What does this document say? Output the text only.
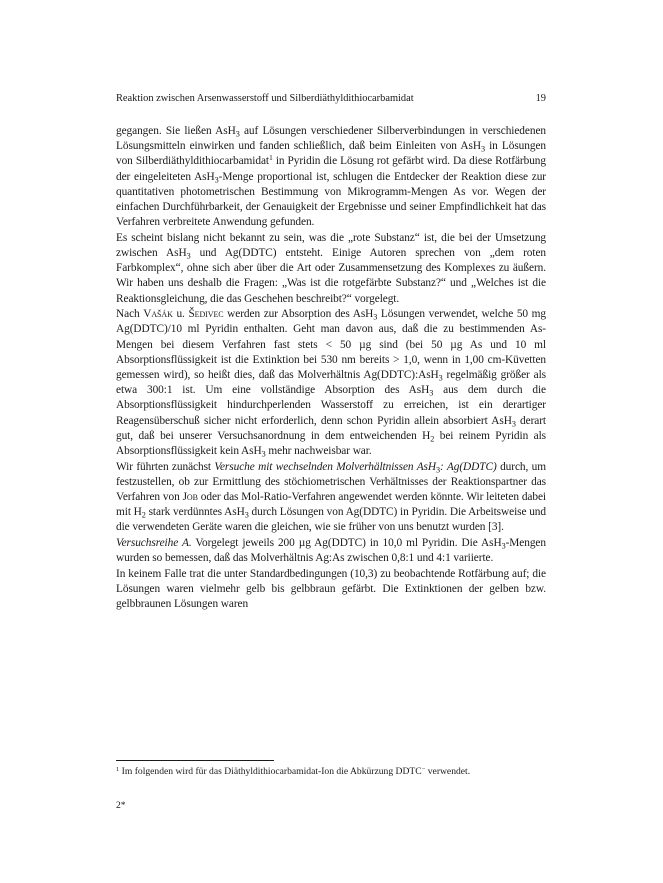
Reaktion zwischen Arsenwasserstoff und Silberdiäthyldithiocarbamidat	19

gegangen. Sie ließen AsH$_3$ auf Lösungen verschiedener Silberverbindungen in verschiedenen Lösungsmitteln einwirken und fanden schließlich, daß beim Einleiten von AsH$_3$ in Lösungen von Silberdiäthyldithiocarbamidat$^1$ in Pyridin die Lösung rot gefärbt wird. Da diese Rotfärbung der eingeleiteten AsH$_3$-Menge proportional ist, schlugen die Entdecker der Reaktion diese zur quantitativen photometrischen Bestimmung von Mikrogramm-Mengen As vor. Wegen der einfachen Durchführbarkeit, der Genauigkeit der Ergebnisse und seiner Empfindlichkeit hat das Verfahren verbreitete Anwendung gefunden.

Es scheint bislang nicht bekannt zu sein, was die „rote Substanz“ ist, die bei der Umsetzung zwischen AsH$_3$ und Ag(DDTC) entsteht. Einige Autoren sprechen von „dem roten Farbkomplex“, ohne sich aber über die Art oder Zusammensetzung des Komplexes zu äußern. Wir haben uns deshalb die Fragen: „Was ist die rotgefärbte Substanz?“ und „Welches ist die Reaktionsgleichung, die das Geschehen beschreibt?“ vorgelegt.

Nach Vašák u. Šedivec werden zur Absorption des AsH$_3$ Lösungen verwendet, welche 50 mg Ag(DDTC)/10 ml Pyridin enthalten. Geht man davon aus, daß die zu bestimmenden As-Mengen bei diesem Verfahren fast stets < 50 µg sind (bei 50 µg As und 10 ml Absorptionsflüssigkeit ist die Extinktion bei 530 nm bereits > 1,0, wenn in 1,00 cm-Küvetten gemessen wird), so heißt dies, daß das Molverhältnis Ag(DDTC):AsH$_3$ regelmäßig größer als etwa 300:1 ist. Um eine vollständige Absorption des AsH$_3$ aus dem durch die Absorptionsflüssigkeit hindurchperlenden Wasserstoff zu erreichen, ist ein derartiger Reagensüberschuß sicher nicht erforderlich, denn schon Pyridin allein absorbiert AsH$_3$ derart gut, daß bei unserer Versuchsanordnung in dem entweichenden $H_2$ bei reinem Pyridin als Absorptionsflüssigkeit kein AsH$_3$ mehr nachweisbar war.

Wir führten zunächst Versuche mit wechselnden Molverhältnissen AsH$_3$: Ag(DDTC) durch, um festzustellen, ob zur Ermittlung des stöchiometrischen Verhältnisses der Reaktionspartner das Verfahren von Job oder das Mol-Ratio-Verfahren angewendet werden könnte. Wir leiteten dabei mit $H_2$ stark verdünntes AsH$_3$ durch Lösungen von Ag(DDTC) in Pyridin. Die Arbeitsweise und die verwendeten Geräte waren die gleichen, wie sie früher von uns benutzt wurden [3].

Versuchsreihe A. Vorgelegt jeweils 200 µg Ag(DDTC) in 10,0 ml Pyridin. Die AsH$_3$-Mengen wurden so bemessen, daß das Molverhältnis Ag:As zwischen 0,8:1 und 4:1 variierte.

In keinem Falle trat die unter Standardbedingungen (10,3) zu beobachtende Rotfärbung auf; die Lösungen waren vielmehr gelb bis gelbbraun gefärbt. Die Extinktionen der gelben bzw. gelbbraunen Lösungen waren

$^1$ Im folgenden wird für das Diäthyldithiocarbamidat-Ion die Abkürzung DDTC− verwendet.
2*
